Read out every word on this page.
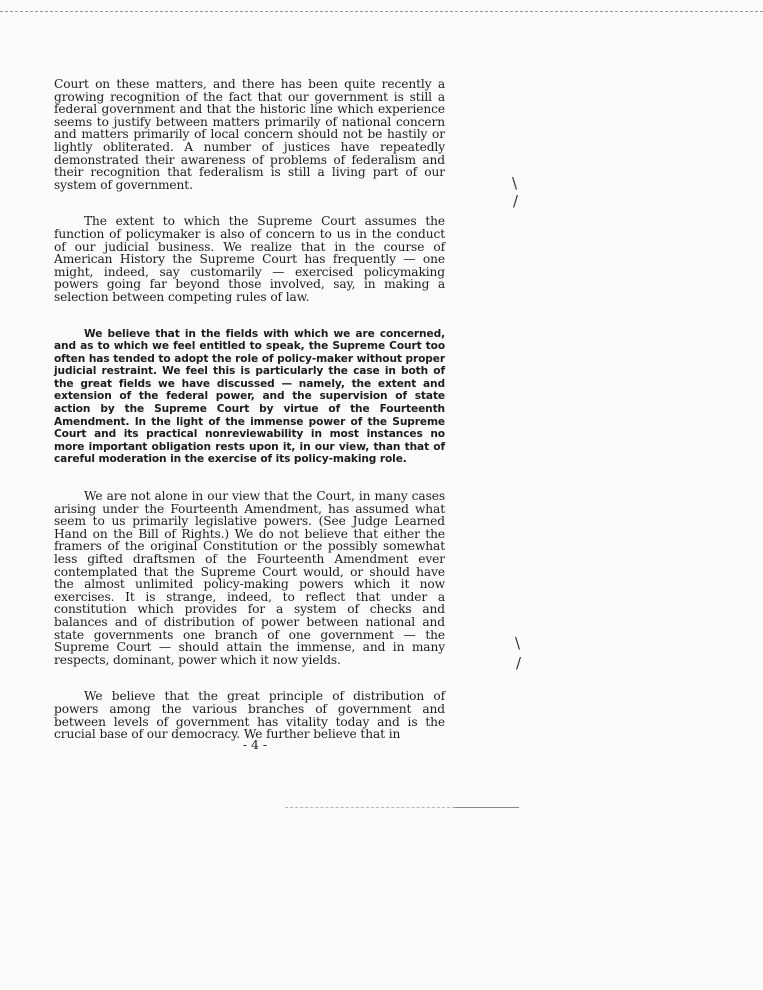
Court on these matters, and there has been quite recently a growing recognition of the fact that our government is still a federal government and that the historic line which experience seems to justify between matters primarily of national concern and matters primarily of local concern should not be hastily or lightly obliterated. A number of justices have repeatedly demonstrated their awareness of problems of federalism and their recognition that federalism is still a living part of our system of government.

The extent to which the Supreme Court assumes the function of policymaker is also of concern to us in the conduct of our judicial business. We realize that in the course of American History the Supreme Court has frequently — one might, indeed, say customarily — exercised policymaking powers going far beyond those involved, say, in making a selection between competing rules of law.

We believe that in the fields with which we are concerned, and as to which we feel entitled to speak, the Supreme Court too often has tended to adopt the role of policy-maker without proper judicial restraint. We feel this is particularly the case in both of the great fields we have discussed — namely, the extent and extension of the federal power, and the supervision of state action by the Supreme Court by virtue of the Fourteenth Amendment. In the light of the immense power of the Supreme Court and its practical nonreviewability in most instances no more important obligation rests upon it, in our view, than that of careful moderation in the exercise of its policy-making role.

We are not alone in our view that the Court, in many cases arising under the Fourteenth Amendment, has assumed what seem to us primarily legislative powers. (See Judge Learned Hand on the Bill of Rights.) We do not believe that either the framers of the original Constitution or the possibly somewhat less gifted draftsmen of the Fourteenth Amendment ever contemplated that the Supreme Court would, or should have the almost unlimited policy-making powers which it now exercises. It is strange, indeed, to reflect that under a constitution which provides for a system of checks and balances and of distribution of power between national and state governments one branch of one government — the Supreme Court — should attain the immense, and in many respects, dominant, power which it now yields.

We believe that the great principle of distribution of powers among the various branches of government and between levels of government has vitality today and is the crucial base of our democracy. We further believe that in

- 4 -
\
/
\
/
